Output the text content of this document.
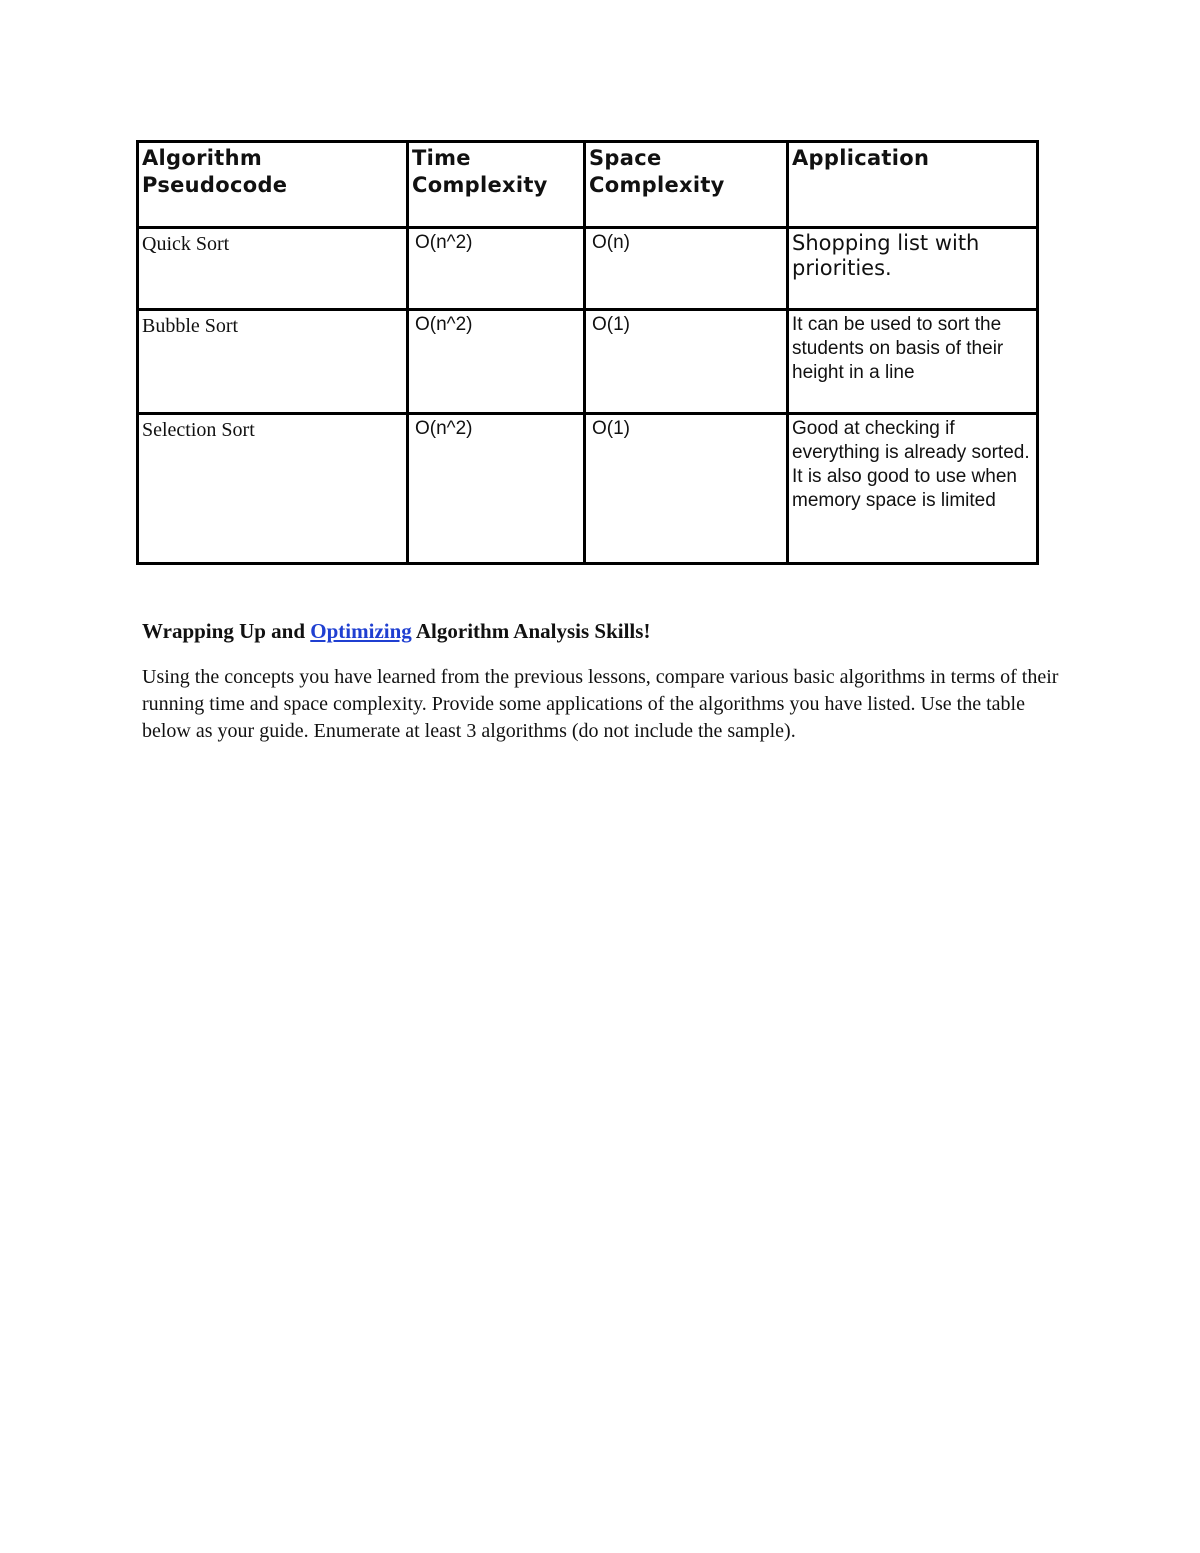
Algorithm Pseudocode	Time Complexity	Space Complexity	Application
Quick Sort	O(n^2)	O(n)	Shopping list with priorities.
Bubble Sort	O(n^2)	O(1)	It can be used to sort the students on basis of their height in a line
Selection Sort	O(n^2)	O(1)	Good at checking if everything is already sorted. It is also good to use when memory space is limited

Wrapping Up and Optimizing Algorithm Analysis Skills!

Using the concepts you have learned from the previous lessons, compare various basic algorithms in terms of their running time and space complexity. Provide some applications of the algorithms you have listed. Use the table below as your guide. Enumerate at least 3 algorithms (do not include the sample).
